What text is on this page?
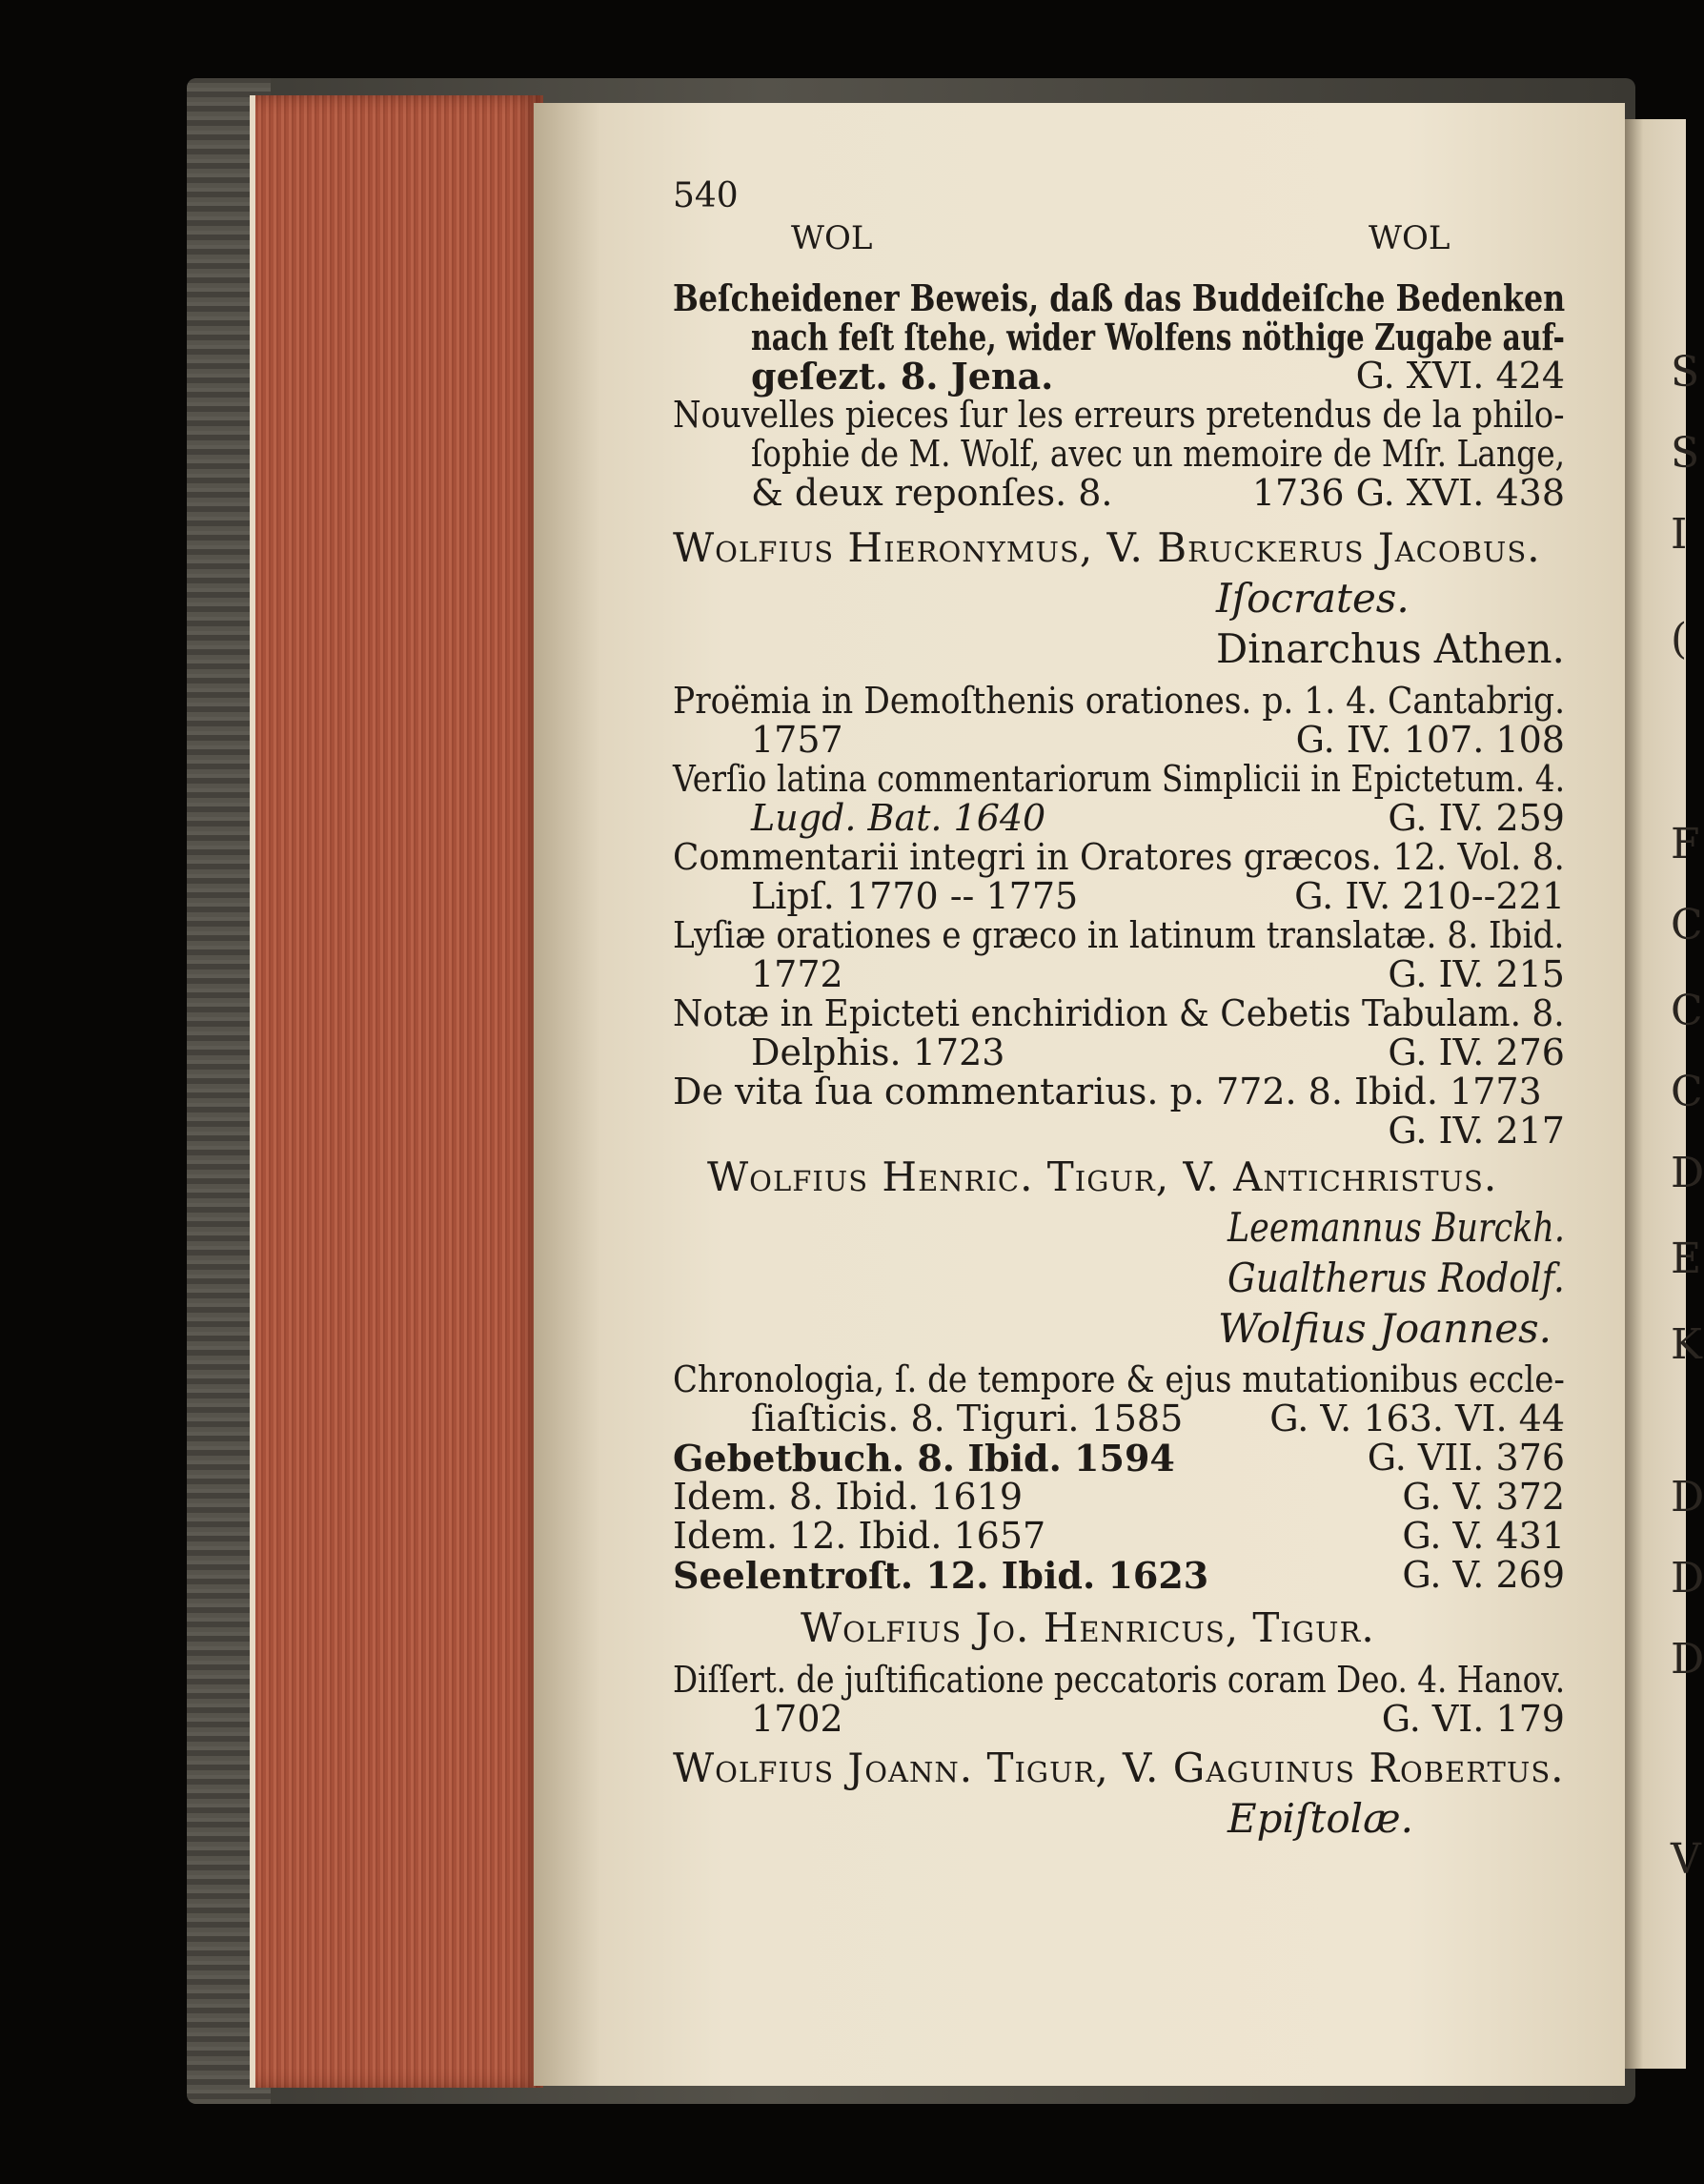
S
S
I
(
F
C
C
C
D
E
K
D
D
D
V
540
WOL	WOL
Beſcheidener Beweis, daß das Buddeiſche Bedenken
nach feſt ſtehe, wider Wolfens nöthige Zugabe auf-
geſezt. 8. Jena.	G. XVI. 424
Nouvelles pieces ſur les erreurs pretendus de la philo-
ſophie de M. Wolf, avec un memoire de Mſr. Lange,
& deux reponſes. 8.	1736 G. XVI. 438
Wolfius Hieronymus, V. Bruckerus Jacobus.
Iſocrates.
Dinarchus Athen.
Proëmia in Demoſthenis orationes. p. 1. 4. Cantabrig.
1757	G. IV. 107. 108
Verſio latina commentariorum Simplicii in Epictetum. 4.
Lugd. Bat. 1640	G. IV. 259
Commentarii integri in Oratores græcos. 12. Vol. 8.
Lipſ. 1770 -- 1775	G. IV. 210--221
Lyſiæ orationes e græco in latinum translatæ. 8. Ibid.
1772	G. IV. 215
Notæ in Epicteti enchiridion & Cebetis Tabulam. 8.
Delphis. 1723	G. IV. 276
De vita ſua commentarius. p. 772. 8. Ibid. 1773
G. IV. 217
Wolfius Henric. Tigur, V. Antichriſtus.
Leemannus Burckh.
Gualtherus Rodolf.
Wolfius Joannes.
Chronologia, ſ. de tempore & ejus mutationibus eccle-
ſiaſticis. 8. Tiguri. 1585 G. V. 163. VI. 44
Gebetbuch. 8. Ibid. 1594	G. VII. 376
Idem. 8. Ibid. 1619	G. V. 372
Idem. 12. Ibid. 1657	G. V. 431
Seelentroſt. 12. Ibid. 1623	G. V. 269
Wolfius Jo. Henricus, Tigur.
Diſſert. de juſtificatione peccatoris coram Deo. 4. Hanov.
1702	G. VI. 179
Wolfius Joann. Tigur, V. Gaguinus Robertus.
Epiſtolæ.
